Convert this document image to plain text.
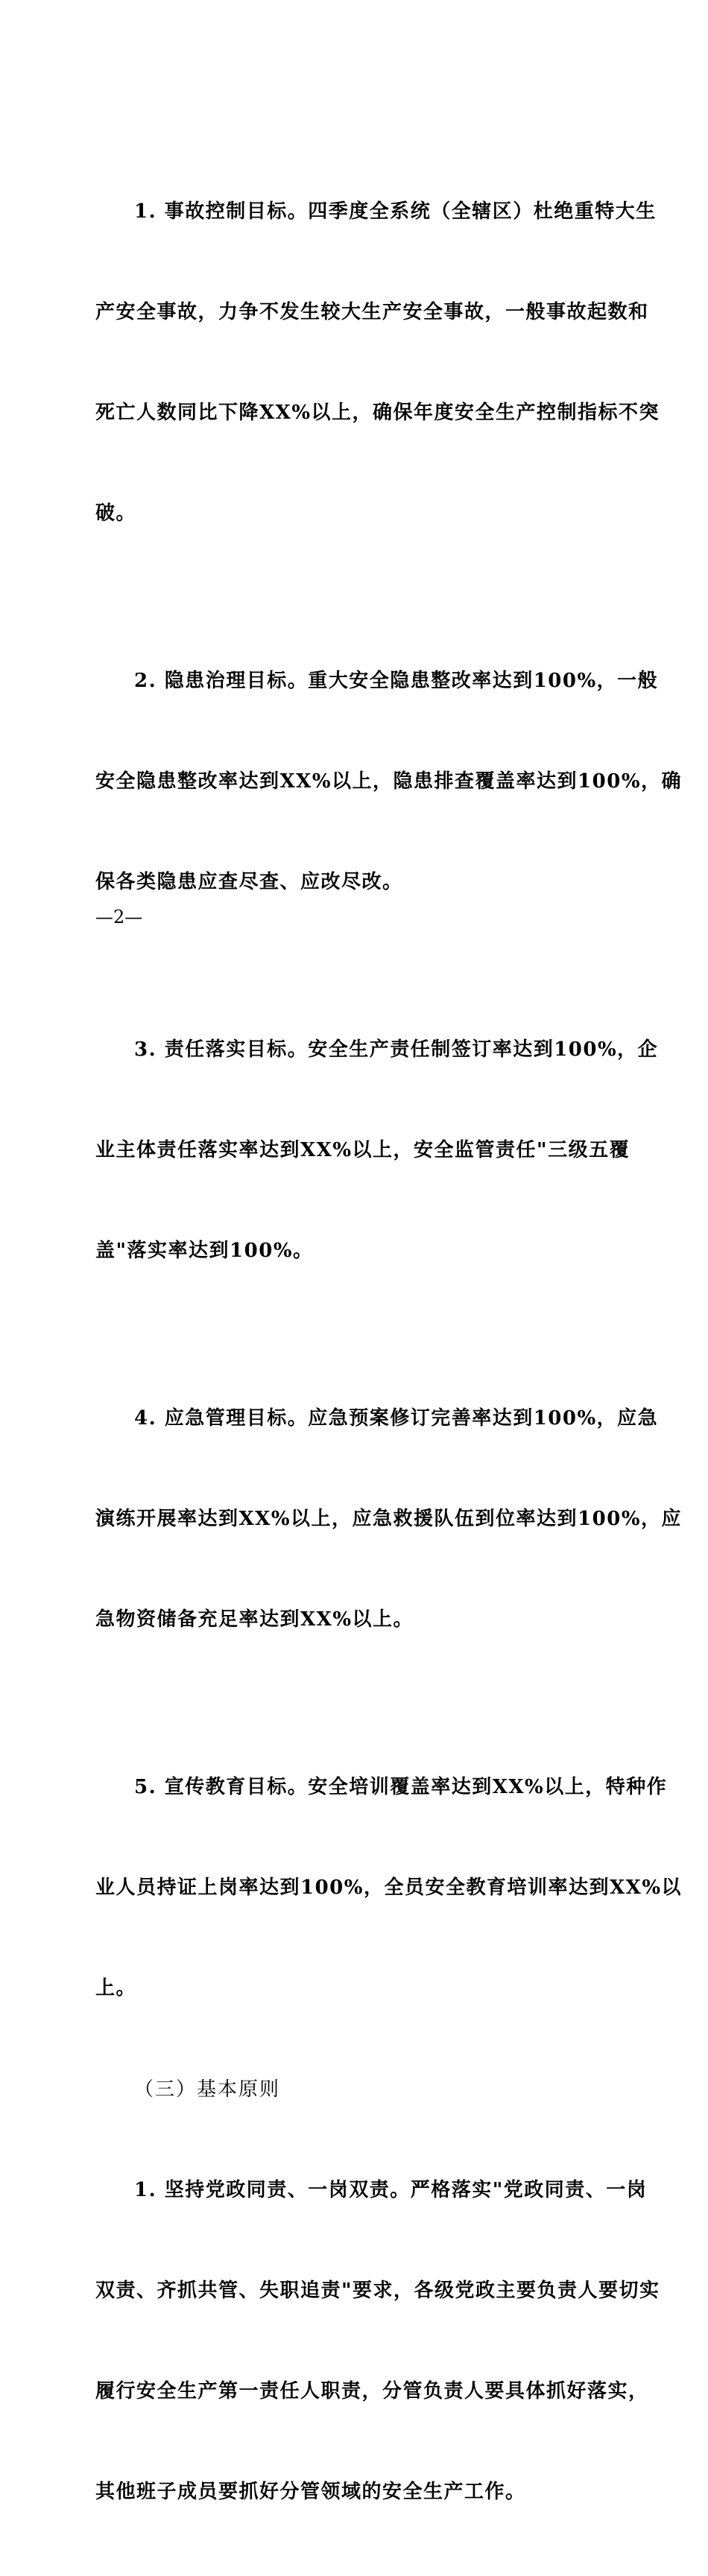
1. 事故控制目标。四季度全系统（全辖区）杜绝重特大生

产安全事故，力争不发生较大生产安全事故，一般事故起数和

死亡人数同比下降XX%以上，确保年度安全生产控制指标不突

破。

2. 隐患治理目标。重大安全隐患整改率达到100%，一般

安全隐患整改率达到XX%以上，隐患排查覆盖率达到100%，确

保各类隐患应查尽查、应改尽改。

3. 责任落实目标。安全生产责任制签订率达到100%，企

业主体责任落实率达到XX%以上，安全监管责任"三级五覆

盖"落实率达到100%。

4. 应急管理目标。应急预案修订完善率达到100%，应急

演练开展率达到XX%以上，应急救援队伍到位率达到100%，应

急物资储备充足率达到XX%以上。

5. 宣传教育目标。安全培训覆盖率达到XX%以上，特种作

业人员持证上岗率达到100%，全员安全教育培训率达到XX%以

上。

（三）基本原则

1. 坚持党政同责、一岗双责。严格落实"党政同责、一岗

双责、齐抓共管、失职追责"要求，各级党政主要负责人要切实

履行安全生产第一责任人职责，分管负责人要具体抓好落实，

其他班子成员要抓好分管领域的安全生产工作。

—2—
